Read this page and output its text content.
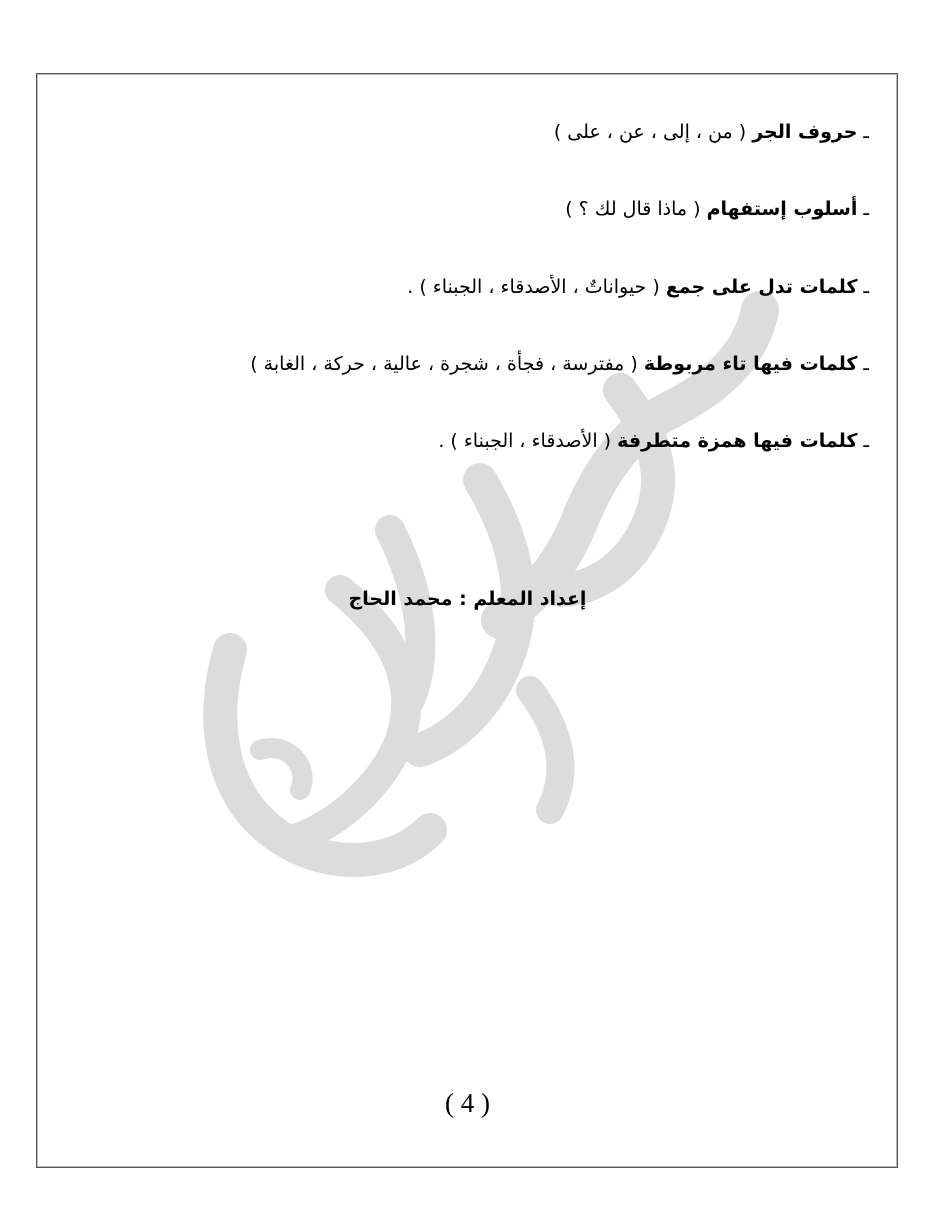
ـ حروف الجر ( من ، إلى ، عن ، على )
ـ أسلوب إستفهام ( ماذا قال لك ؟ )
ـ كلمات تدل على جمع ( حيواناتٌ ، الأصدقاء ، الجبناء ) .
ـ كلمات فيها تاء مربوطة ( مفترسة ، فجأة ، شجرة ، عالية ، حركة ، الغابة )
ـ كلمات فيها همزة متطرفة ( الأصدقاء ، الجبناء ) .
إعداد المعلم : محمد الحاج
( 4 )
